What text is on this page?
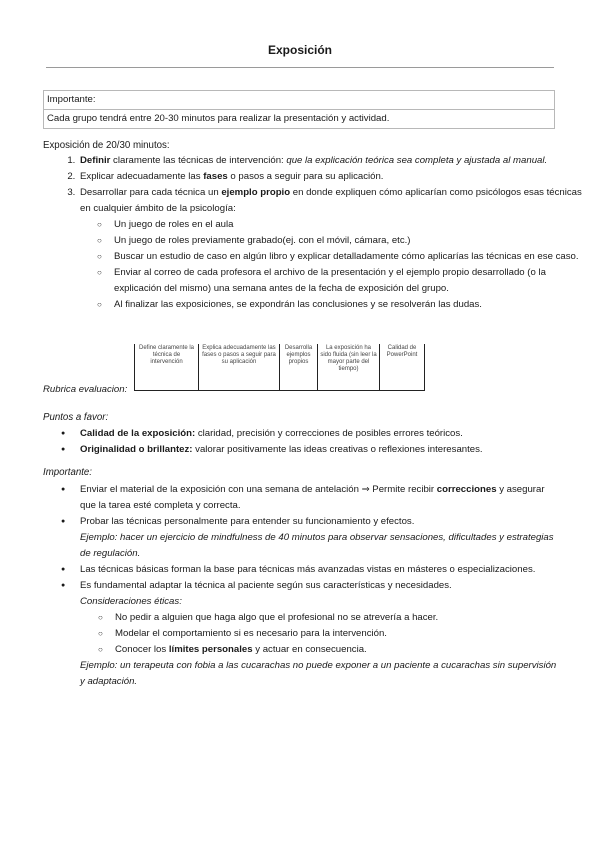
Exposición
Importante:
Cada grupo tendrá entre 20-30 minutos para realizar la presentación y actividad.
Exposición de 20/30 minutos:
1. Definir claramente las técnicas de intervención: que la explicación teórica sea completa y ajustada al manual.
2. Explicar adecuadamente las fases o pasos a seguir para su aplicación.
3. Desarrollar para cada técnica un ejemplo propio en donde expliquen cómo aplicarían como psicólogos esas técnicas en cualquier ámbito de la psicología:
○ Un juego de roles en el aula
○ Un juego de roles previamente grabado(ej. con el móvil, cámara, etc.)
○ Buscar un estudio de caso en algún libro y explicar detalladamente cómo aplicarías las técnicas en ese caso.
○ Enviar al correo de cada profesora el archivo de la presentación y el ejemplo propio desarrollado (o la explicación del mismo) una semana antes de la fecha de exposición del grupo.
○ Al finalizar las exposiciones, se expondrán las conclusiones y se resolverán las dudas.
Rubrica evaluacion:
Define claramente la técnica de intervención	Explica adecuadamente las fases o pasos a seguir para su aplicación	Desarrolla ejemplos propios	La exposición ha sido fluida (sin leer la mayor parte del tiempo)	Calidad de PowerPoint
Puntos a favor:
● Calidad de la exposición: claridad, precisión y correcciones de posibles errores teóricos.
● Originalidad o brillantez: valorar positivamente las ideas creativas o reflexiones interesantes.
Importante:
● Enviar el material de la exposición con una semana de antelación ⇒ Permite recibir correcciones y asegurar que la tarea esté completa y correcta.
● Probar las técnicas personalmente para entender su funcionamiento y efectos.
Ejemplo: hacer un ejercicio de mindfulness de 40 minutos para observar sensaciones, dificultades y estrategias de regulación.
● Las técnicas básicas forman la base para técnicas más avanzadas vistas en másteres o especializaciones.
● Es fundamental adaptar la técnica al paciente según sus características y necesidades.
Consideraciones éticas:
○ No pedir a alguien que haga algo que el profesional no se atrevería a hacer.
○ Modelar el comportamiento si es necesario para la intervención.
○ Conocer los límites personales y actuar en consecuencia.
Ejemplo: un terapeuta con fobia a las cucarachas no puede exponer a un paciente a cucarachas sin supervisión y adaptación.
